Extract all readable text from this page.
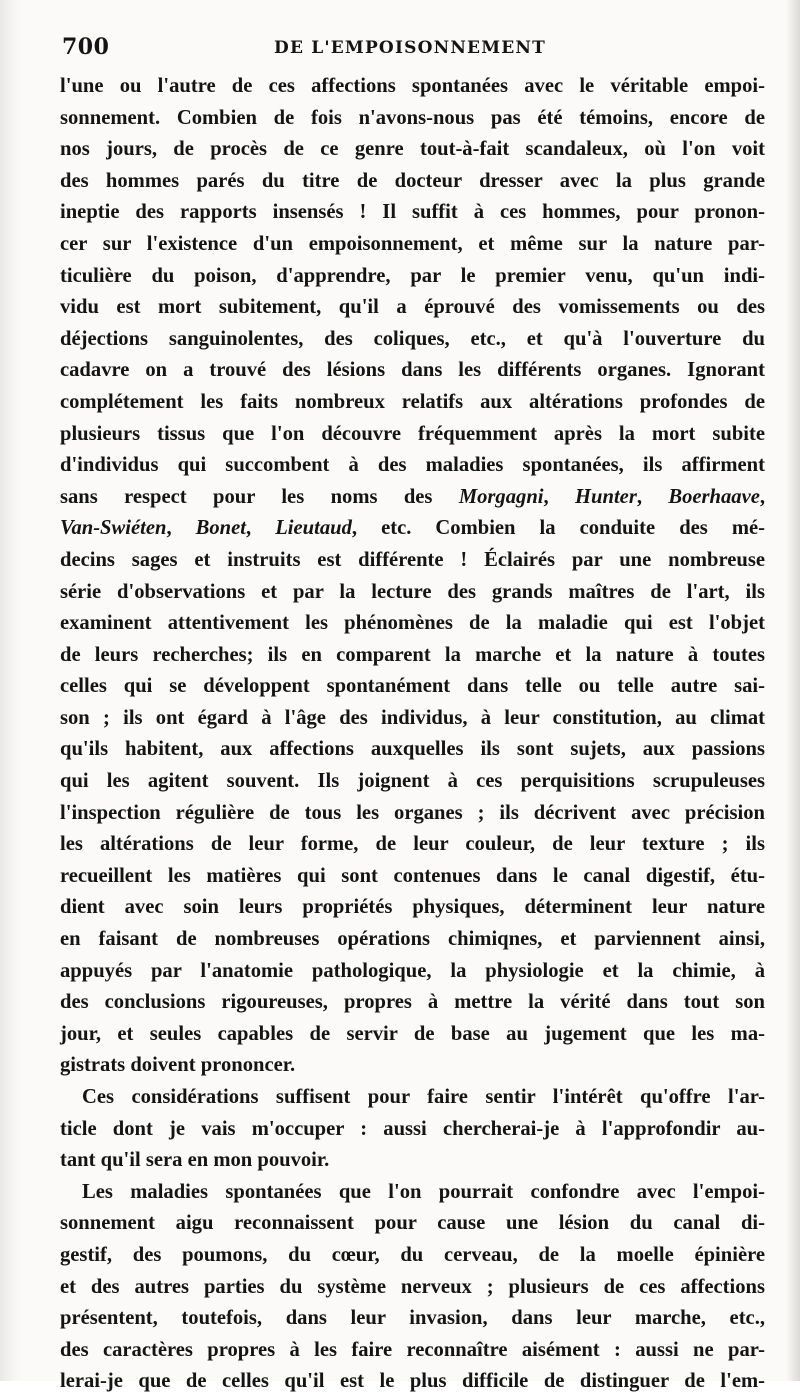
700	DE L'EMPOISONNEMENT
l'une ou l'autre de ces affections spontanées avec le véritable empoi-
sonnement. Combien de fois n'avons-nous pas été témoins, encore de
nos jours, de procès de ce genre tout-à-fait scandaleux, où l'on voit
des hommes parés du titre de docteur dresser avec la plus grande
ineptie des rapports insensés ! Il suffit à ces hommes, pour pronon-
cer sur l'existence d'un empoisonnement, et même sur la nature par-
ticulière du poison, d'apprendre, par le premier venu, qu'un indi-
vidu est mort subitement, qu'il a éprouvé des vomissements ou des
déjections sanguinolentes, des coliques, etc., et qu'à l'ouverture du
cadavre on a trouvé des lésions dans les différents organes. Ignorant
complétement les faits nombreux relatifs aux altérations profondes de
plusieurs tissus que l'on découvre fréquemment après la mort subite
d'individus qui succombent à des maladies spontanées, ils affirment
sans respect pour les noms des Morgagni, Hunter, Boerhaave,
Van-Swiéten, Bonet, Lieutaud, etc. Combien la conduite des mé-
decins sages et instruits est différente ! Éclairés par une nombreuse
série d'observations et par la lecture des grands maîtres de l'art, ils
examinent attentivement les phénomènes de la maladie qui est l'objet
de leurs recherches; ils en comparent la marche et la nature à toutes
celles qui se développent spontanément dans telle ou telle autre sai-
son ; ils ont égard à l'âge des individus, à leur constitution, au climat
qu'ils habitent, aux affections auxquelles ils sont sujets, aux passions
qui les agitent souvent. Ils joignent à ces perquisitions scrupuleuses
l'inspection régulière de tous les organes ; ils décrivent avec précision
les altérations de leur forme, de leur couleur, de leur texture ; ils
recueillent les matières qui sont contenues dans le canal digestif, étu-
dient avec soin leurs propriétés physiques, déterminent leur nature
en faisant de nombreuses opérations chimiqnes, et parviennent ainsi,
appuyés par l'anatomie pathologique, la physiologie et la chimie, à
des conclusions rigoureuses, propres à mettre la vérité dans tout son
jour, et seules capables de servir de base au jugement que les ma-
gistrats doivent prononcer.
Ces considérations suffisent pour faire sentir l'intérêt qu'offre l'ar-
ticle dont je vais m'occuper : aussi chercherai-je à l'approfondir au-
tant qu'il sera en mon pouvoir.
Les maladies spontanées que l'on pourrait confondre avec l'empoi-
sonnement aigu reconnaissent pour cause une lésion du canal di-
gestif, des poumons, du cœur, du cerveau, de la moelle épinière
et des autres parties du système nerveux ; plusieurs de ces affections
présentent, toutefois, dans leur invasion, dans leur marche, etc.,
des caractères propres à les faire reconnaître aisément : aussi ne par-
lerai-je que de celles qu'il est le plus difficile de distinguer de l'em-
